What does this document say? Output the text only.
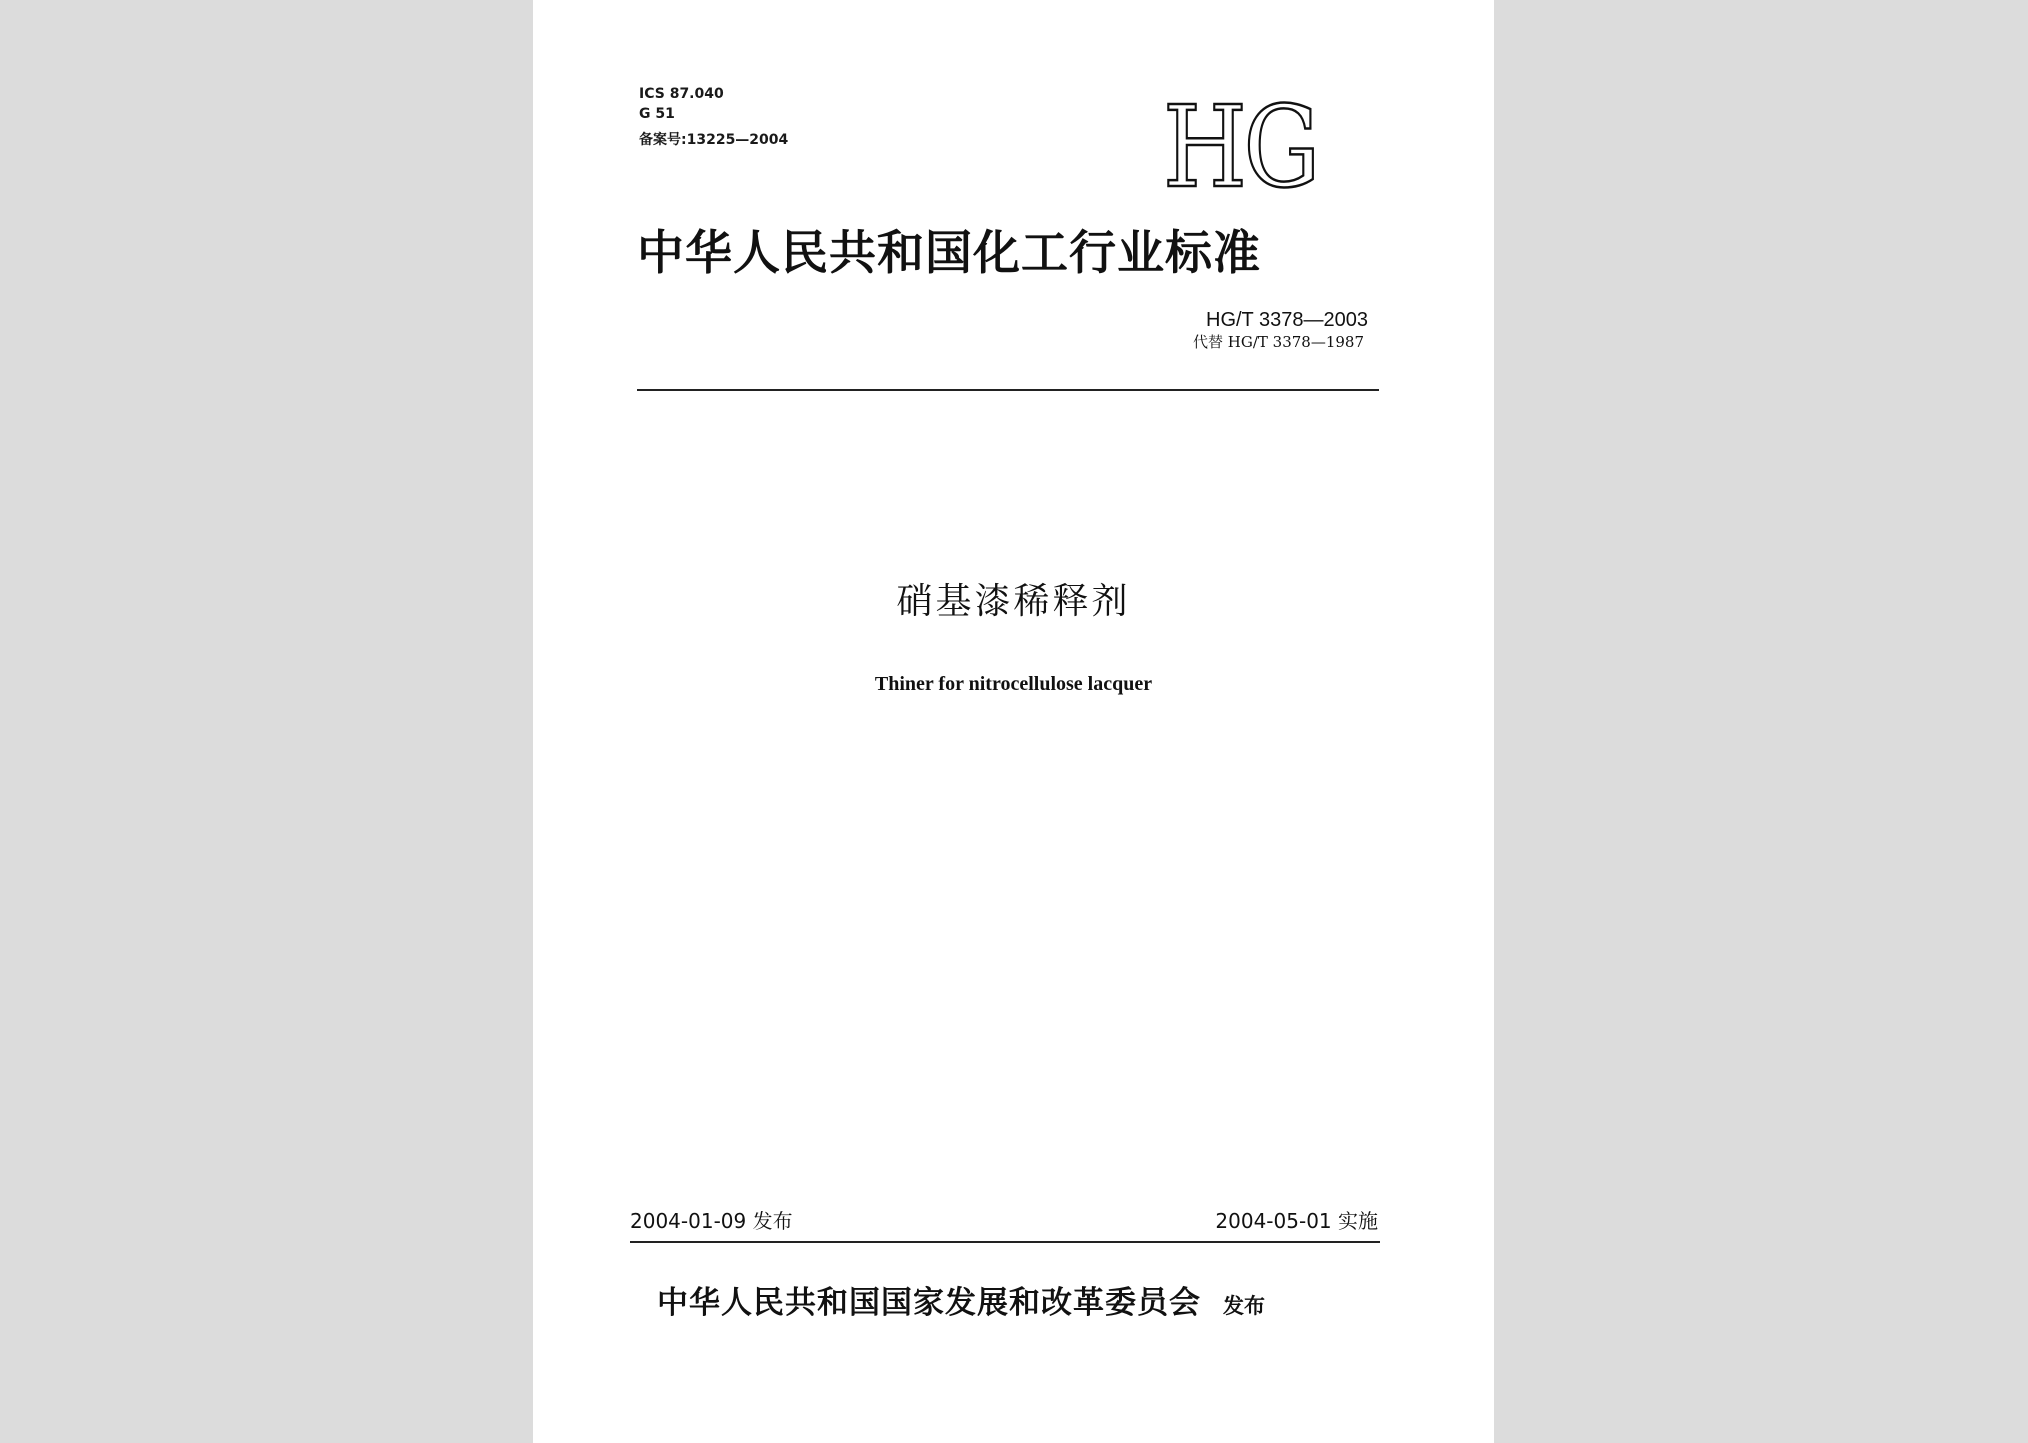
ICS 87.040
G 51
备案号:13225—2004	HG
中华人民共和国化工行业标准
HG/T 3378—2003
代替 HG/T 3378—1987
硝基漆稀释剂
Thiner for nitrocellulose lacquer
2004-01-09 发布	2004-05-01 实施
中华人民共和国国家发展和改革委员会 发布
